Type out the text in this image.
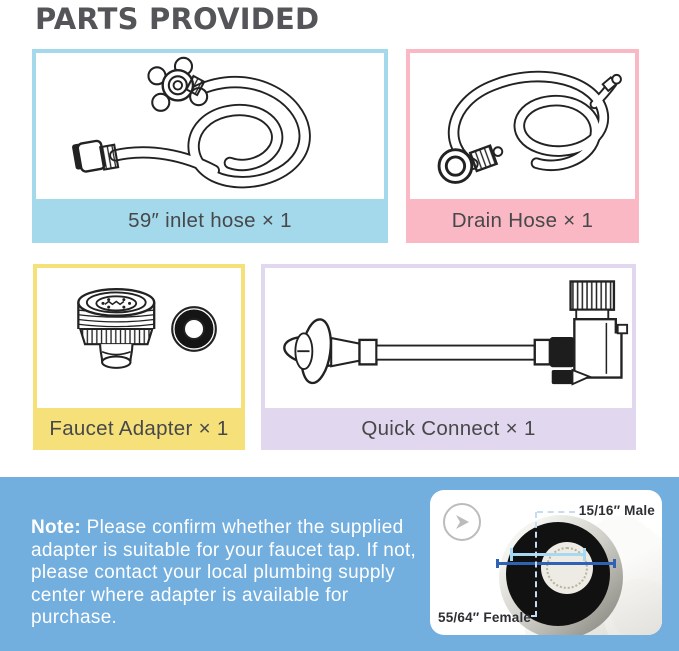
PARTS PROVIDED
59″ inlet hose × 1	Drain Hose × 1
Faucet Adapter × 1	Quick Connect × 1

Note: Please confirm whether the supplied adapter is suitable for your faucet tap. If not, please contact your local plumbing supply center where adapter is available for purchase.

15/16″ Male
55/64″ Female
